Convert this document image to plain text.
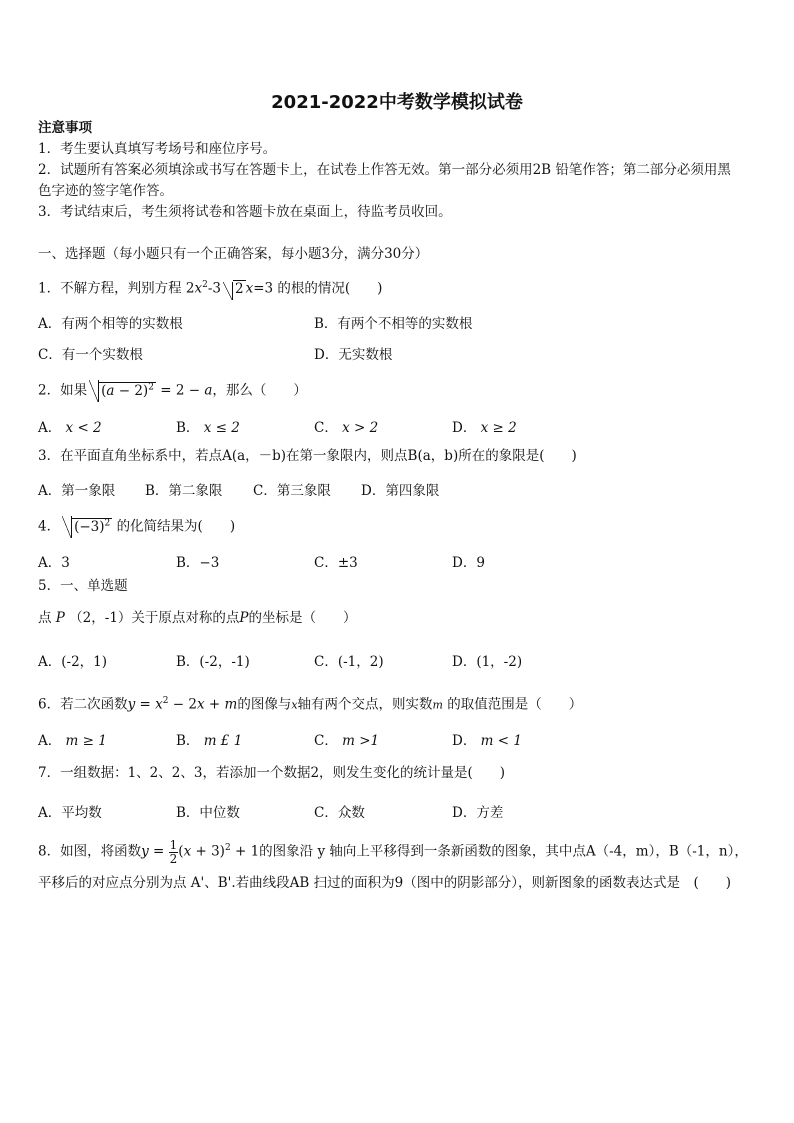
2021-2022中考数学模拟试卷
注意事项
1．考生要认真填写考场号和座位序号。
2．试题所有答案必须填涂或书写在答题卡上，在试卷上作答无效。第一部分必须用2B 铅笔作答；第二部分必须用黑
色字迹的签字笔作答。
3．考试结束后，考生须将试卷和答题卡放在桌面上，待监考员收回。
一、选择题（每小题只有一个正确答案，每小题3分，满分30分）
1．不解方程，判别方程 $2x^2-3$ 2 x=3 的根的情况(　　)
A．有两个相等的实数根	B．有两个不相等的实数根
C．有一个实数根	D．无实数根
2．如果 $(a - 2)^2 = 2 - a$，那么（　　）
A． x < 2	B． x ≤ 2	C． x > 2	D． x ≥ 2
3．在平面直角坐标系中，若点A(a，－b)在第一象限内，则点B(a，b)所在的象限是(　　)
A．第一象限 B．第二象限 C．第三象限 D．第四象限
4． $(-3)^2$ 的化简结果为(　　)
A．3	B．−3	C．±3	D．9
5．一、单选题
点 P （2，-1）关于原点对称的点P的坐标是（　　）
A．(-2，1)	B．(-2，-1)	C．(-1，2)	D．(1，-2)
6．若二次函数$y = x^2 - 2x + m$的图像与x轴有两个交点，则实数m 的取值范围是（　　）
A． m ≥ 1	B． m £ 1	C． m >1	D． m < 1
7．一组数据：1、2、2、3，若添加一个数据2，则发生变化的统计量是(　　)
A．平均数	B．中位数	C．众数	D．方差
8．如图，将函数$y = \frac{1}{2} (x + 3)^2 + 1$的图象沿 y 轴向上平移得到一条新函数的图象，其中点A（-4，m），B（-1，n），
平移后的对应点分别为点 A'、B'.若曲线段AB 扫过的面积为9（图中的阴影部分），则新图象的函数表达式是　(　　)
